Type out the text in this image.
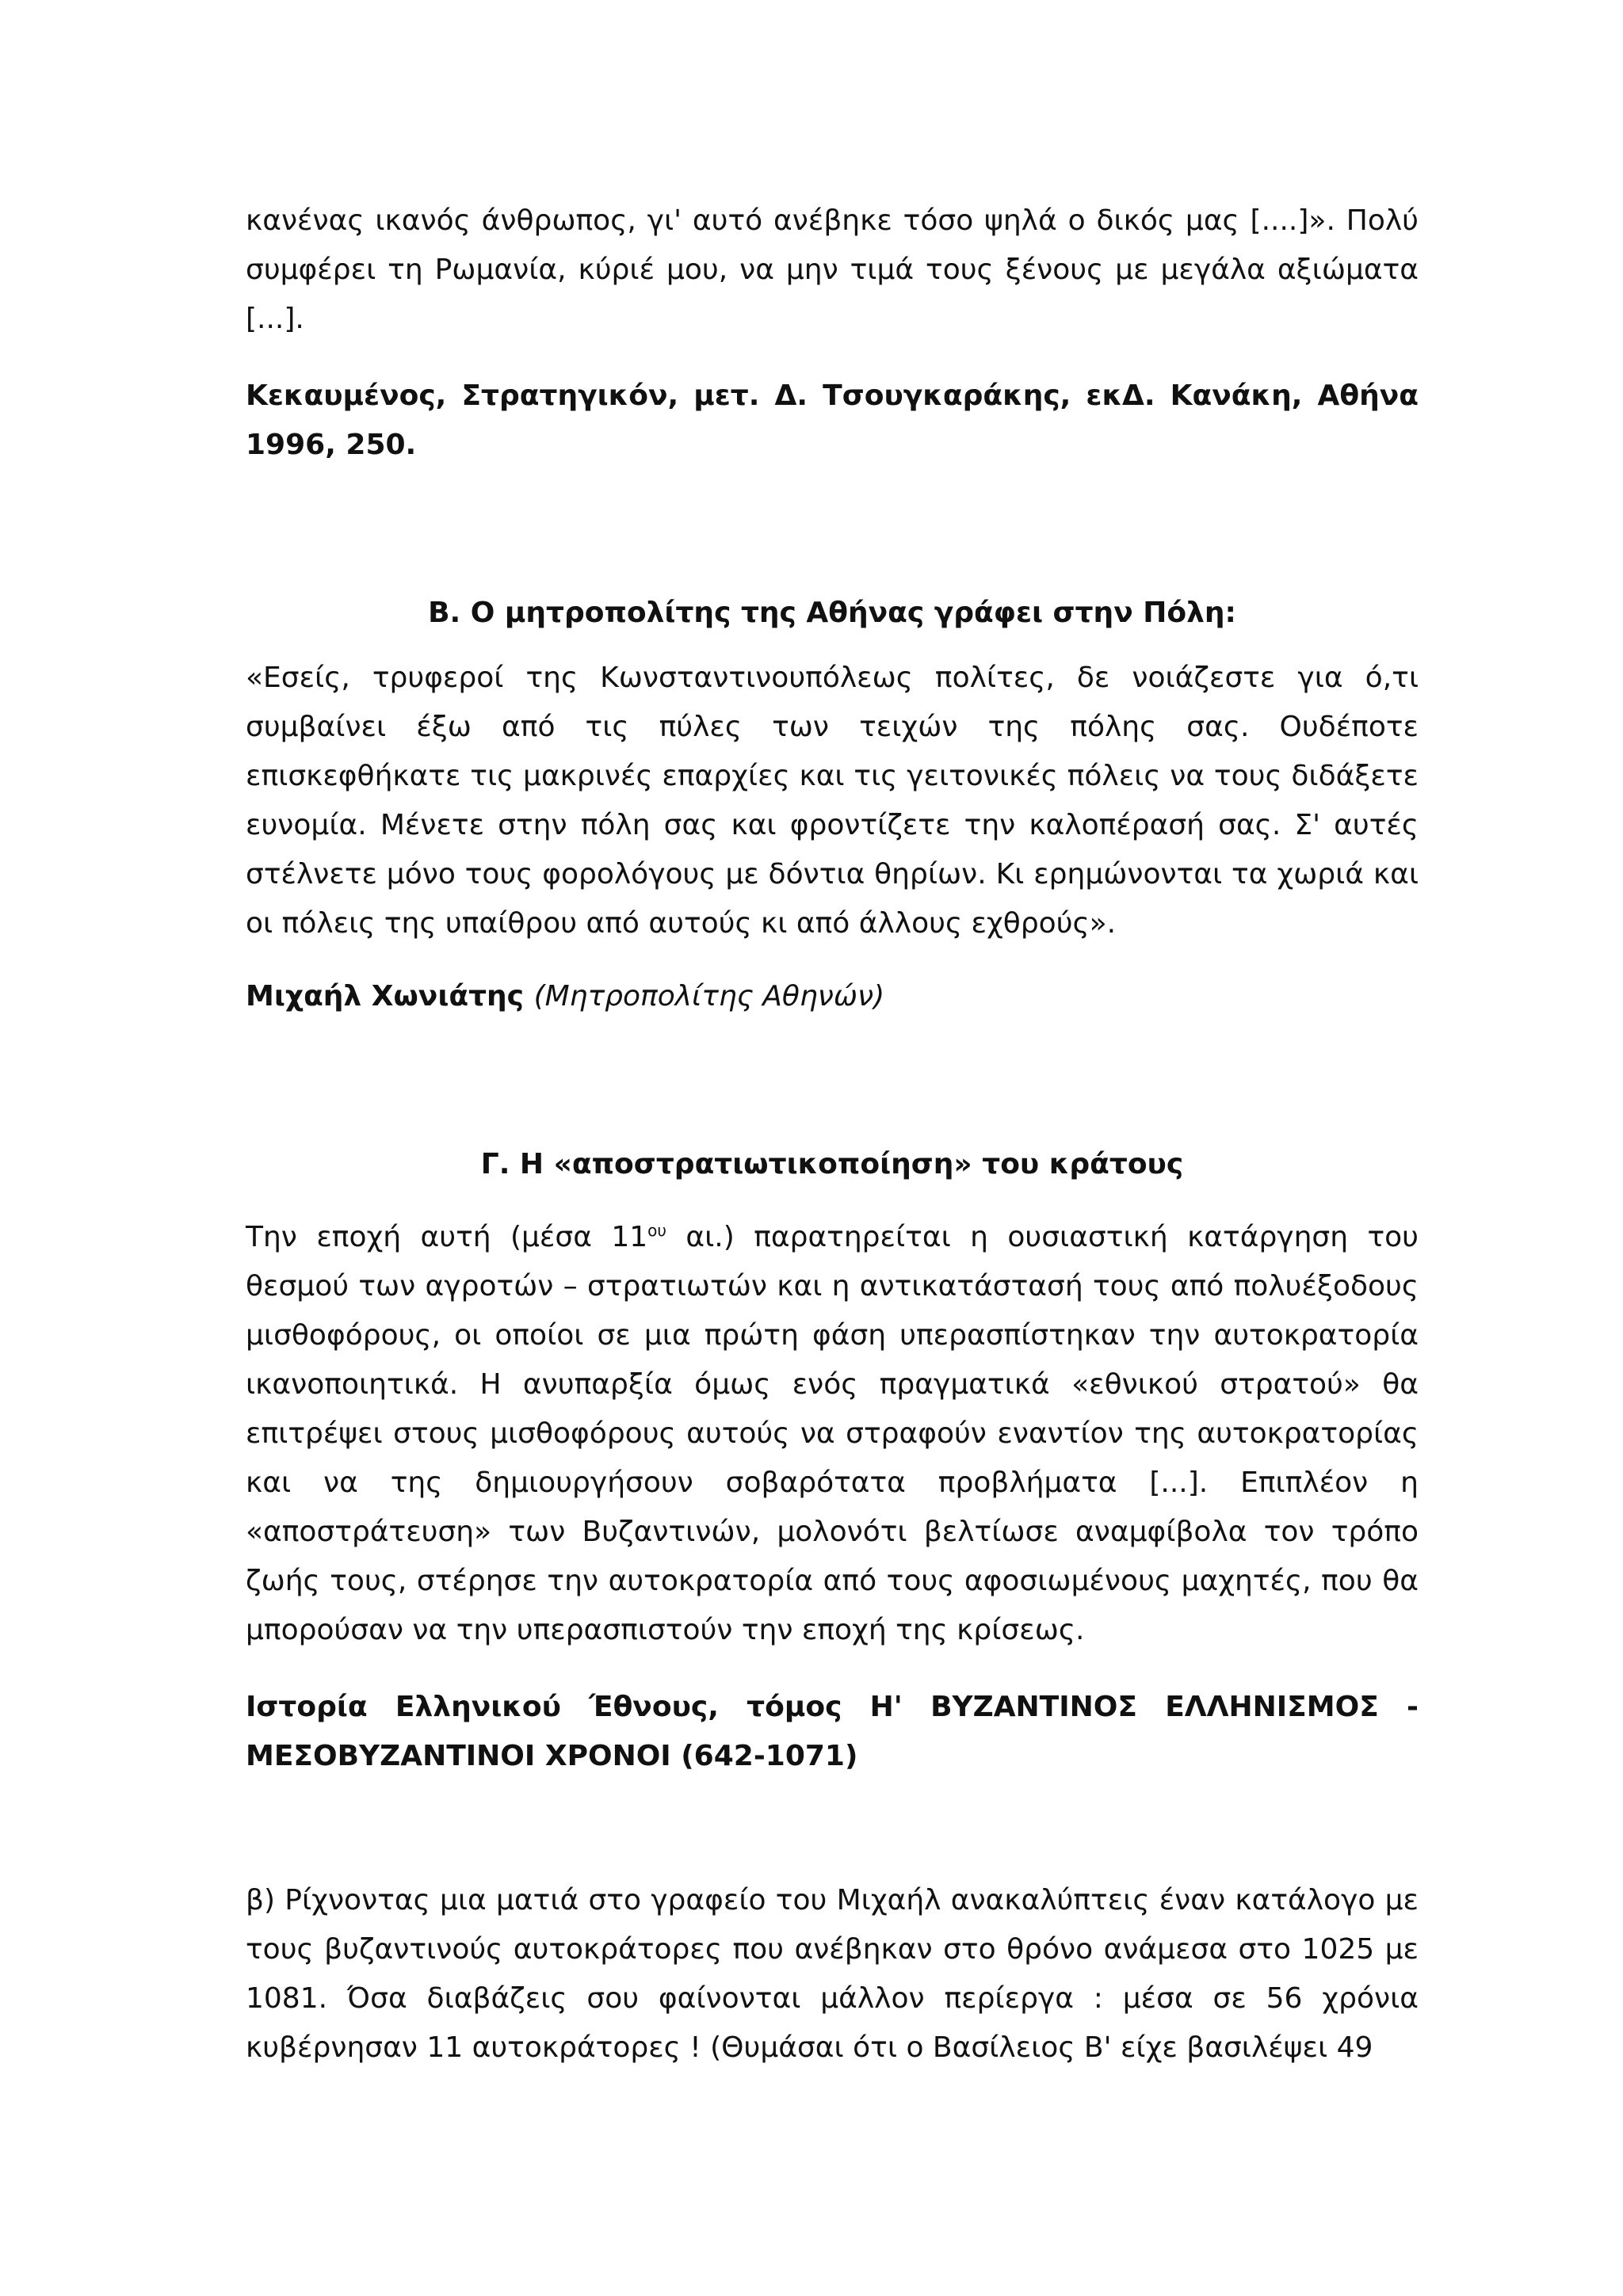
κανένας ικανός άνθρωπος, γι' αυτό ανέβηκε τόσο ψηλά ο δικός μας [....]». Πολύ συμφέρει τη Ρωμανία, κύριέ μου, να μην τιμά τους ξένους με μεγάλα αξιώματα [...].

Κεκαυμένος, Στρατηγικόν, μετ. Δ. Τσουγκαράκης, εκΔ. Κανάκη, Αθήνα 1996, 250.

Β. Ο μητροπολίτης της Αθήνας γράφει στην Πόλη:

«Εσείς, τρυφεροί της Κωνσταντινουπόλεως πολίτες, δε νοιάζεστε για ό,τι συμβαίνει έξω από τις πύλες των τειχών της πόλης σας. Ουδέποτε επισκεφθήκατε τις μακρινές επαρχίες και τις γειτονικές πόλεις να τους διδάξετε ευνομία. Μένετε στην πόλη σας και φροντίζετε την καλοπέρασή σας. Σ' αυτές στέλνετε μόνο τους φορολόγους με δόντια θηρίων. Κι ερημώνονται τα χωριά και οι πόλεις της υπαίθρου από αυτούς κι από άλλους εχθρούς».

Μιχαήλ Χωνιάτης (Μητροπολίτης Αθηνών)

Γ. Η «αποστρατιωτικοποίηση» του κράτους

Την εποχή αυτή (μέσα $11^{o\upsilon}$ αι.) παρατηρείται η ουσιαστική κατάργηση του θεσμού των αγροτών – στρατιωτών και η αντικατάστασή τους από πολυέξοδους μισθοφόρους, οι οποίοι σε μια πρώτη φάση υπερασπίστηκαν την αυτοκρατορία ικανοποιητικά. Η ανυπαρξία όμως ενός πραγματικά «εθνικού στρατού» θα επιτρέψει στους μισθοφόρους αυτούς να στραφούν εναντίον της αυτοκρατορίας και να της δημιουργήσουν σοβαρότατα προβλήματα [...]. Επιπλέον η «αποστράτευση» των Βυζαντινών, μολονότι βελτίωσε αναμφίβολα τον τρόπο ζωής τους, στέρησε την αυτοκρατορία από τους αφοσιωμένους μαχητές, που θα μπορούσαν να την υπερασπιστούν την εποχή της κρίσεως.

Ιστορία Ελληνικού Έθνους, τόμος Η' ΒΥΖΑΝΤΙΝΟΣ ΕΛΛΗΝΙΣΜΟΣ - ΜΕΣΟΒΥΖΑΝΤΙΝΟΙ ΧΡΟΝΟΙ (642-1071)

β) Ρίχνοντας μια ματιά στο γραφείο του Μιχαήλ ανακαλύπτεις έναν κατάλογο με τους βυζαντινούς αυτοκράτορες που ανέβηκαν στο θρόνο ανάμεσα στο 1025 με 1081. Όσα διαβάζεις σου φαίνονται μάλλον περίεργα : μέσα σε 56 χρόνια κυβέρνησαν 11 αυτοκράτορες ! (Θυμάσαι ότι ο Βασίλειος Β' είχε βασιλέψει 49
